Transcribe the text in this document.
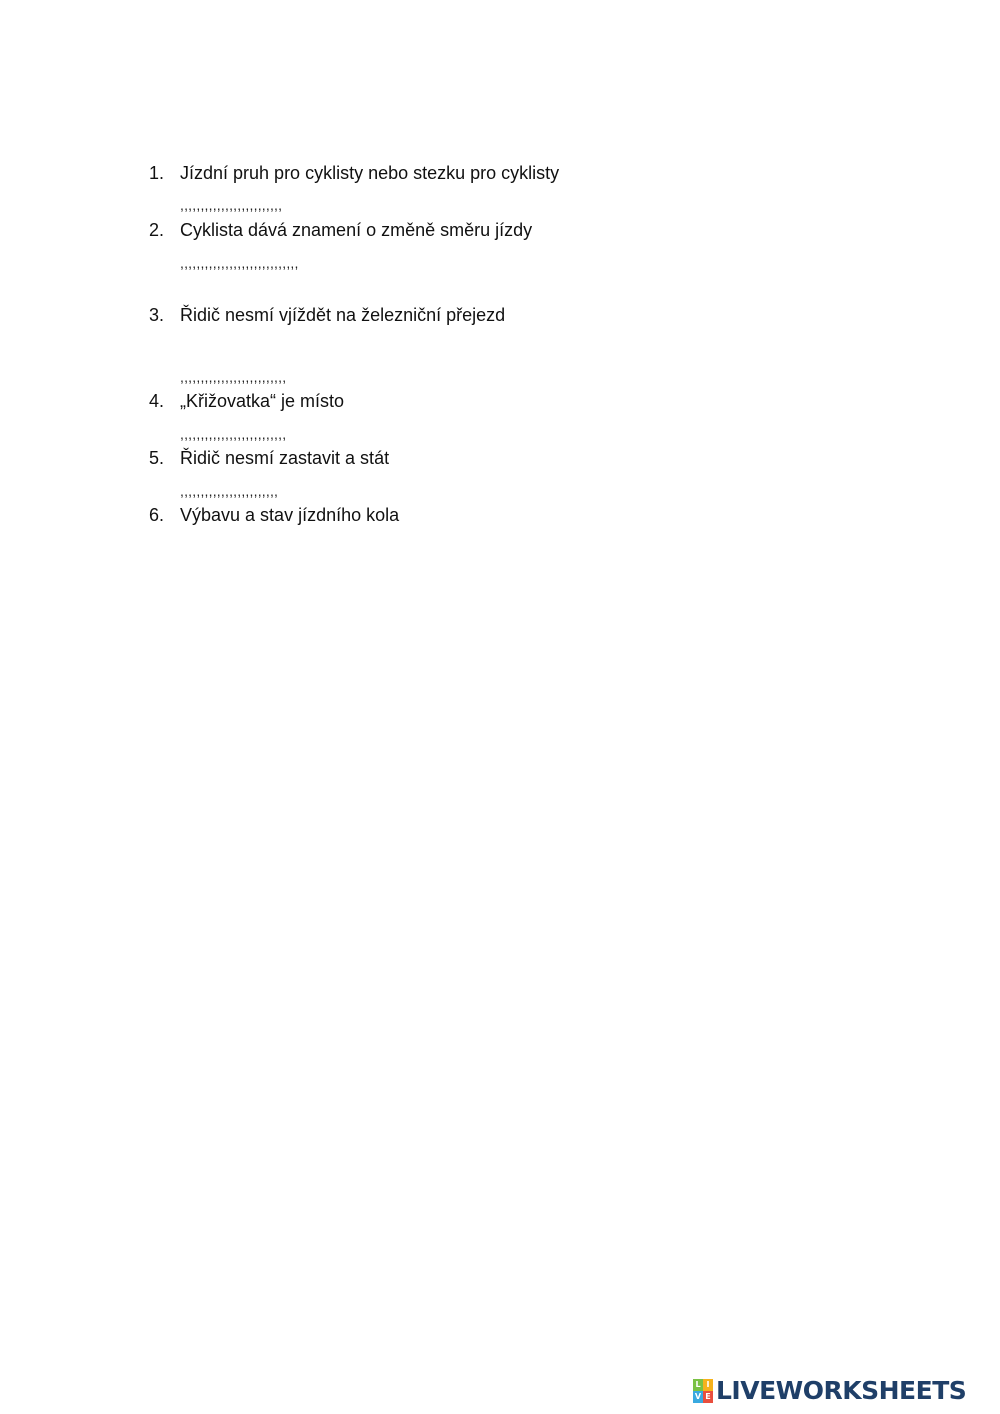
1. Jízdní pruh pro cyklisty nebo stezku pro cyklisty
,,,,,,,,,,,,,,,,,,,,,,,,,
2. Cyklista dává znamení o změně směru jízdy
,,,,,,,,,,,,,,,,,,,,,,,,,,,,,
3. Řidič nesmí vjíždět na železniční přejezd
,,,,,,,,,,,,,,,,,,,,,,,,,,
4.„Křižovatka“ je místo
,,,,,,,,,,,,,,,,,,,,,,,,,,
5.Řidič nesmí zastavit a stát
,,,,,,,,,,,,,,,,,,,,,,,,
6.Výbavu a stav jízdního kola
L I
V E LIVEWORKSHEETS
